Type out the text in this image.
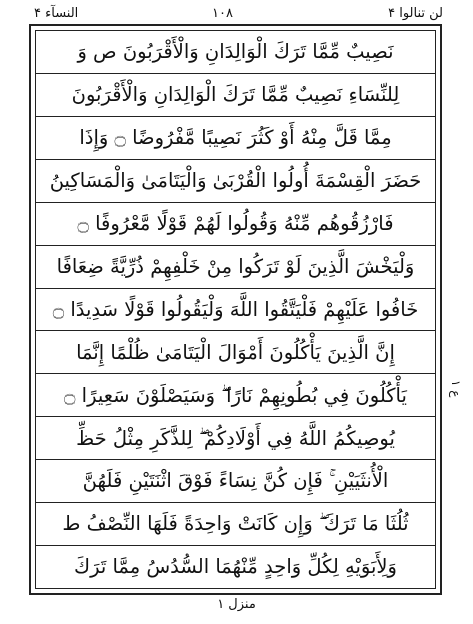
النسآء ۴	۱۰۸	لن تنالوا ۴
نَصِيبٌ مِّمَّا تَرَكَ الْوَالِدَانِ وَالْأَقْرَبُونَ ص وَ
لِلنِّسَاءِ نَصِيبٌ مِّمَّا تَرَكَ الْوَالِدَانِ وَالْأَقْرَبُونَ
مِمَّا قَلَّ مِنْهُ أَوْ كَثُرَ نَصِيبًا مَّفْرُوضًا ۝ وَإِذَا
حَضَرَ الْقِسْمَةَ أُولُوا الْقُرْبَىٰ وَالْيَتَامَىٰ وَالْمَسَاكِينُ
فَارْزُقُوهُم مِّنْهُ وَقُولُوا لَهُمْ قَوْلًا مَّعْرُوفًا ۝
وَلْيَخْشَ الَّذِينَ لَوْ تَرَكُوا مِنْ خَلْفِهِمْ ذُرِّيَّةً ضِعَافًا
خَافُوا عَلَيْهِمْ فَلْيَتَّقُوا اللَّهَ وَلْيَقُولُوا قَوْلًا سَدِيدًا ۝
إِنَّ الَّذِينَ يَأْكُلُونَ أَمْوَالَ الْيَتَامَىٰ ظُلْمًا إِنَّمَا
يَأْكُلُونَ فِي بُطُونِهِمْ نَارًا ۖ وَسَيَصْلَوْنَ سَعِيرًا ۝
يُوصِيكُمُ اللَّهُ فِي أَوْلَادِكُمْ ۖ لِلذَّكَرِ مِثْلُ حَظِّ
الْأُنثَيَيْنِ ۚ فَإِن كُنَّ نِسَاءً فَوْقَ اثْنَتَيْنِ فَلَهُنَّ
ثُلُثَا مَا تَرَكَ ۖ وَإِن كَانَتْ وَاحِدَةً فَلَهَا النِّصْفُ ط
وَلِأَبَوَيْهِ لِكُلِّ وَاحِدٍ مِّنْهُمَا السُّدُسُ مِمَّا تَرَكَ
ع ۱
منزل ۱
